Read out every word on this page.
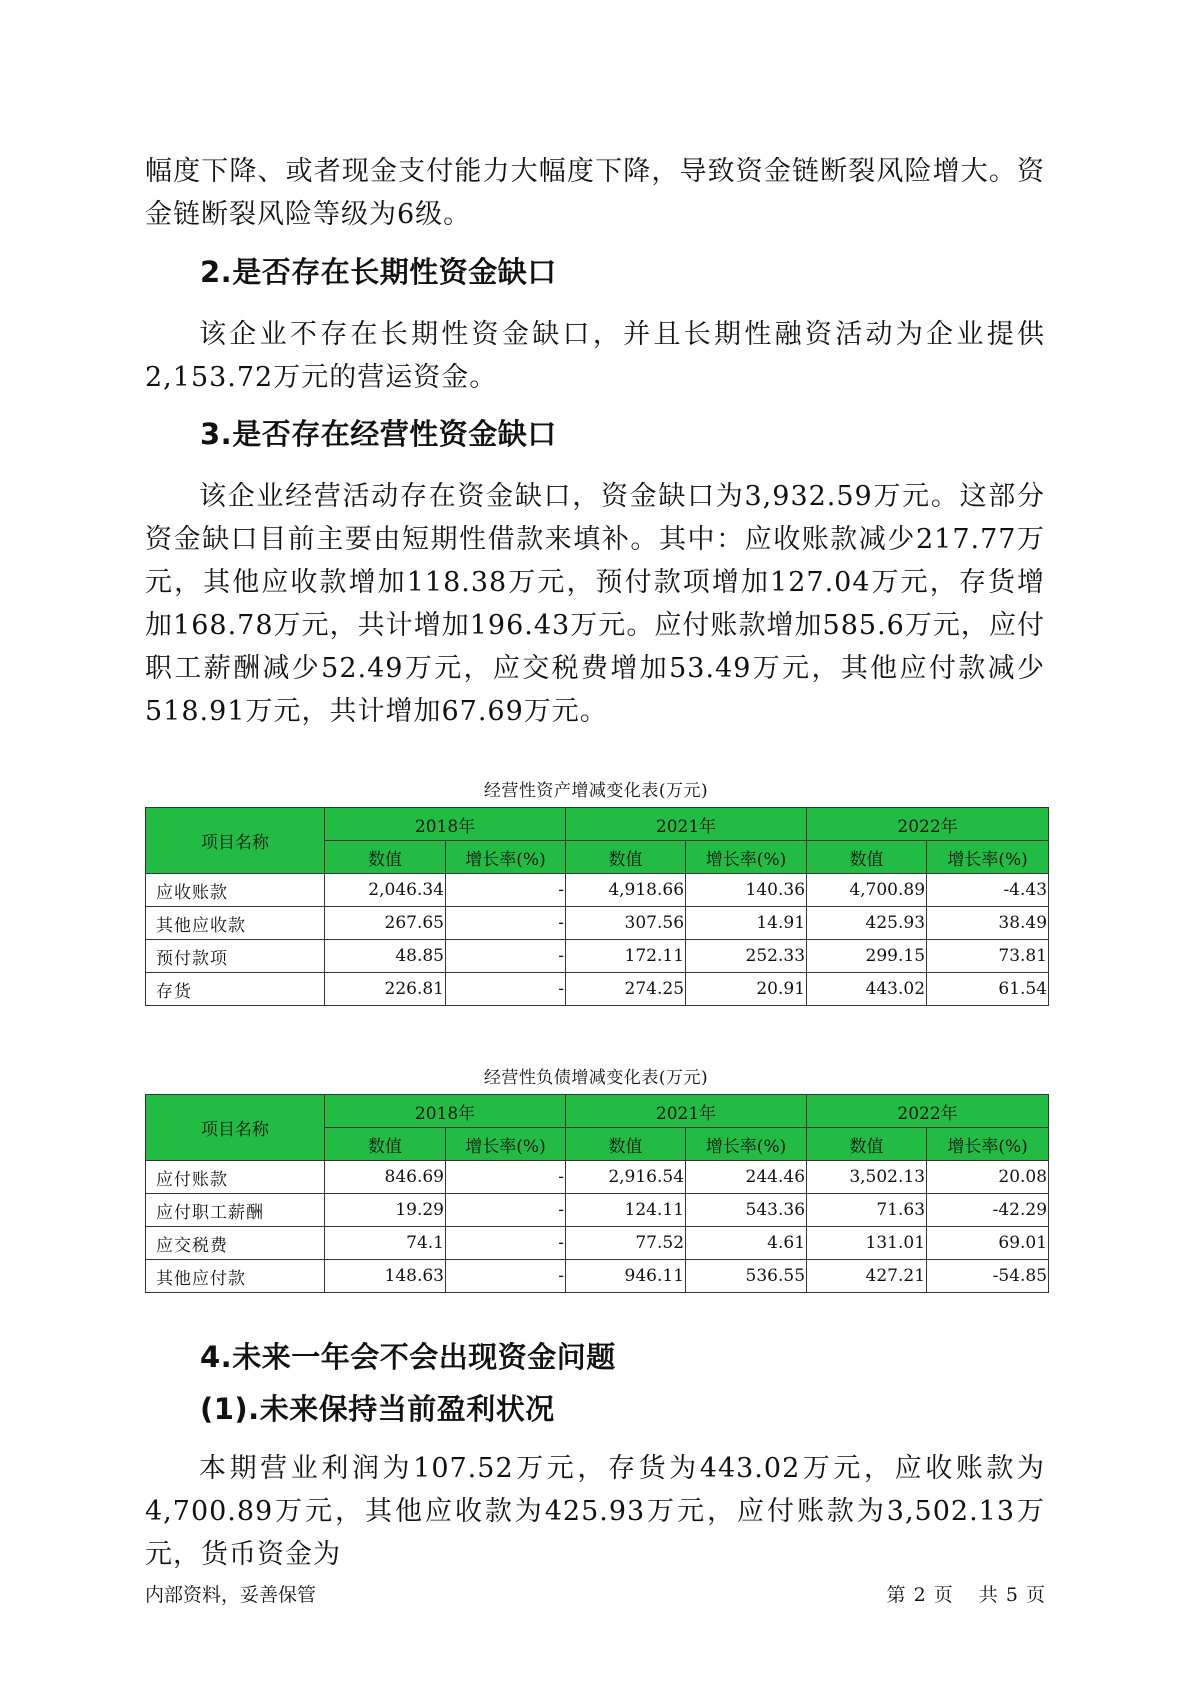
幅度下降、或者现金支付能力大幅度下降，导致资金链断裂风险增大。资金链断裂风险等级为6级。

2.是否存在长期性资金缺口

该企业不存在长期性资金缺口，并且长期性融资活动为企业提供2,153.72万元的营运资金。

3.是否存在经营性资金缺口

该企业经营活动存在资金缺口，资金缺口为3,932.59万元。这部分资金缺口目前主要由短期性借款来填补。其中：应收账款减少217.77万元，其他应收款增加118.38万元，预付款项增加127.04万元，存货增加168.78万元，共计增加196.43万元。应付账款增加585.6万元，应付职工薪酬减少52.49万元，应交税费增加53.49万元，其他应付款减少518.91万元，共计增加67.69万元。

经营性资产增减变化表(万元)
项目名称	2018年		2021年		2022年	
	数值	增长率(%)	数值	增长率(%)	数值	增长率(%)
应收账款	2,046.34	-	4,918.66	140.36	4,700.89	-4.43
其他应收款	267.65	-	307.56	14.91	425.93	38.49
预付款项	48.85	-	172.11	252.33	299.15	73.81
存货	226.81	-	274.25	20.91	443.02	61.54
经营性负债增减变化表(万元)
项目名称	2018年		2021年		2022年	
	数值	增长率(%)	数值	增长率(%)	数值	增长率(%)
应付账款	846.69	-	2,916.54	244.46	3,502.13	20.08
应付职工薪酬	19.29	-	124.11	543.36	71.63	-42.29
应交税费	74.1	-	77.52	4.61	131.01	69.01
其他应付款	148.63	-	946.11	536.55	427.21	-54.85
4.未来一年会不会出现资金问题
(1).未来保持当前盈利状况

本期营业利润为107.52万元，存货为443.02万元，应收账款为4,700.89万元，其他应收款为425.93万元，应付账款为3,502.13万元，货币资金为

内部资料，妥善保管	第 2 页 共 5 页
